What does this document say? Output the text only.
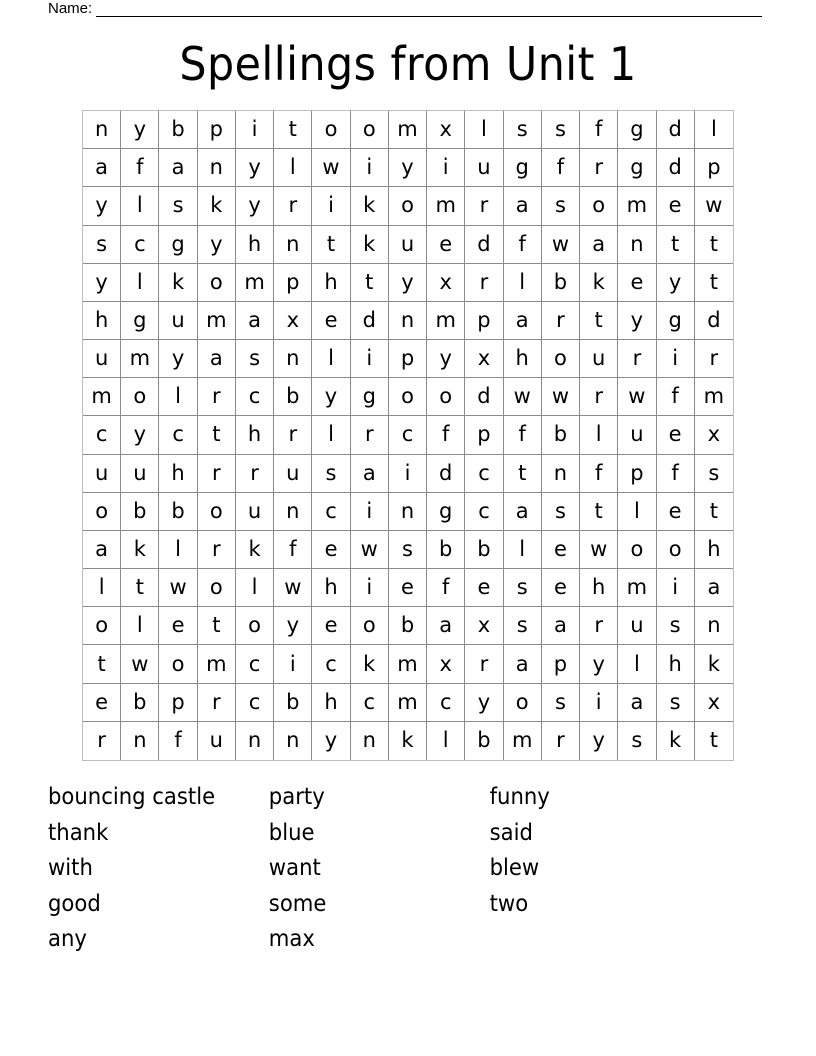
Name:
Spellings from Unit 1
n	y	b	p	i	t	o	o	m	x	l	s	s	f	g	d	l
a	f	a	n	y	l	w	i	y	i	u	g	f	r	g	d	p
y	l	s	k	y	r	i	k	o	m	r	a	s	o	m	e	w
s	c	g	y	h	n	t	k	u	e	d	f	w	a	n	t	t
y	l	k	o	m	p	h	t	y	x	r	l	b	k	e	y	t
h	g	u	m	a	x	e	d	n	m	p	a	r	t	y	g	d
u	m	y	a	s	n	l	i	p	y	x	h	o	u	r	i	r
m	o	l	r	c	b	y	g	o	o	d	w	w	r	w	f	m
c	y	c	t	h	r	l	r	c	f	p	f	b	l	u	e	x
u	u	h	r	r	u	s	a	i	d	c	t	n	f	p	f	s
o	b	b	o	u	n	c	i	n	g	c	a	s	t	l	e	t
a	k	l	r	k	f	e	w	s	b	b	l	e	w	o	o	h
l	t	w	o	l	w	h	i	e	f	e	s	e	h	m	i	a
o	l	e	t	o	y	e	o	b	a	x	s	a	r	u	s	n
t	w	o	m	c	i	c	k	m	x	r	a	p	y	l	h	k
e	b	p	r	c	b	h	c	m	c	y	o	s	i	a	s	x
r	n	f	u	n	n	y	n	k	l	b	m	r	y	s	k	t
bouncing castle	party	funny
thank	blue	said
with	want	blew
good	some	two
any	max
